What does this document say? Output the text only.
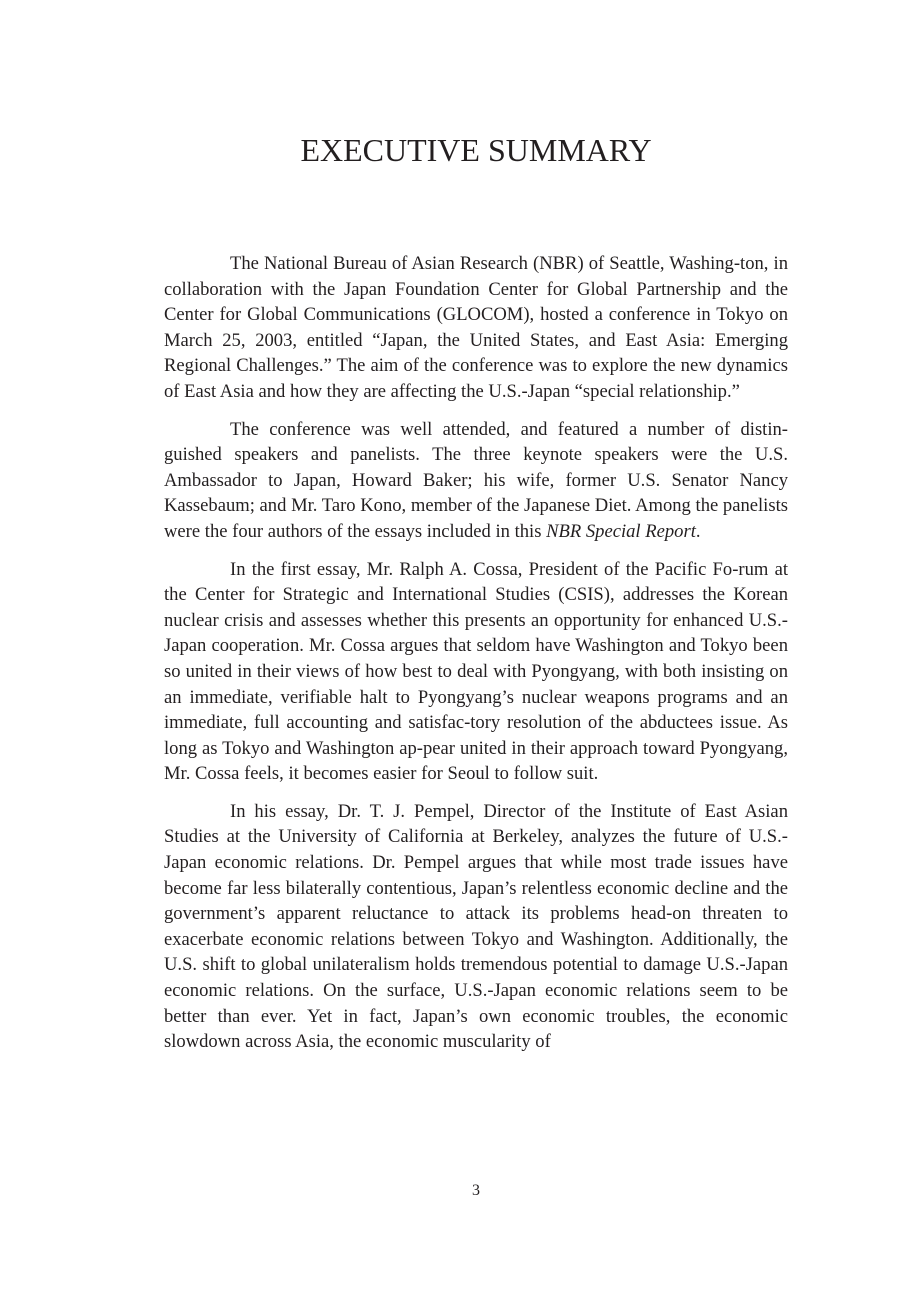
EXECUTIVE SUMMARY

The National Bureau of Asian Research (NBR) of Seattle, Washing-ton, in collaboration with the Japan Foundation Center for Global Partnership and the Center for Global Communications (GLOCOM), hosted a conference in Tokyo on March 25, 2003, entitled “Japan, the United States, and East Asia: Emerging Regional Challenges.” The aim of the conference was to explore the new dynamics of East Asia and how they are affecting the U.S.-Japan “special relationship.”

The conference was well attended, and featured a number of distin-guished speakers and panelists. The three keynote speakers were the U.S. Ambassador to Japan, Howard Baker; his wife, former U.S. Senator Nancy Kassebaum; and Mr. Taro Kono, member of the Japanese Diet. Among the panelists were the four authors of the essays included in this NBR Special Report.

In the first essay, Mr. Ralph A. Cossa, President of the Pacific Fo-rum at the Center for Strategic and International Studies (CSIS), addresses the Korean nuclear crisis and assesses whether this presents an opportunity for enhanced U.S.-Japan cooperation. Mr. Cossa argues that seldom have Washington and Tokyo been so united in their views of how best to deal with Pyongyang, with both insisting on an immediate, verifiable halt to Pyongyang’s nuclear weapons programs and an immediate, full accounting and satisfac-tory resolution of the abductees issue. As long as Tokyo and Washington ap-pear united in their approach toward Pyongyang, Mr. Cossa feels, it becomes easier for Seoul to follow suit.

In his essay, Dr. T. J. Pempel, Director of the Institute of East Asian Studies at the University of California at Berkeley, analyzes the future of U.S.-Japan economic relations. Dr. Pempel argues that while most trade issues have become far less bilaterally contentious, Japan’s relentless economic decline and the government’s apparent reluctance to attack its problems head-on threaten to exacerbate economic relations between Tokyo and Washington. Additionally, the U.S. shift to global unilateralism holds tremendous potential to damage U.S.-Japan economic relations. On the surface, U.S.-Japan economic relations seem to be better than ever. Yet in fact, Japan’s own economic troubles, the economic slowdown across Asia, the economic muscularity of

3
